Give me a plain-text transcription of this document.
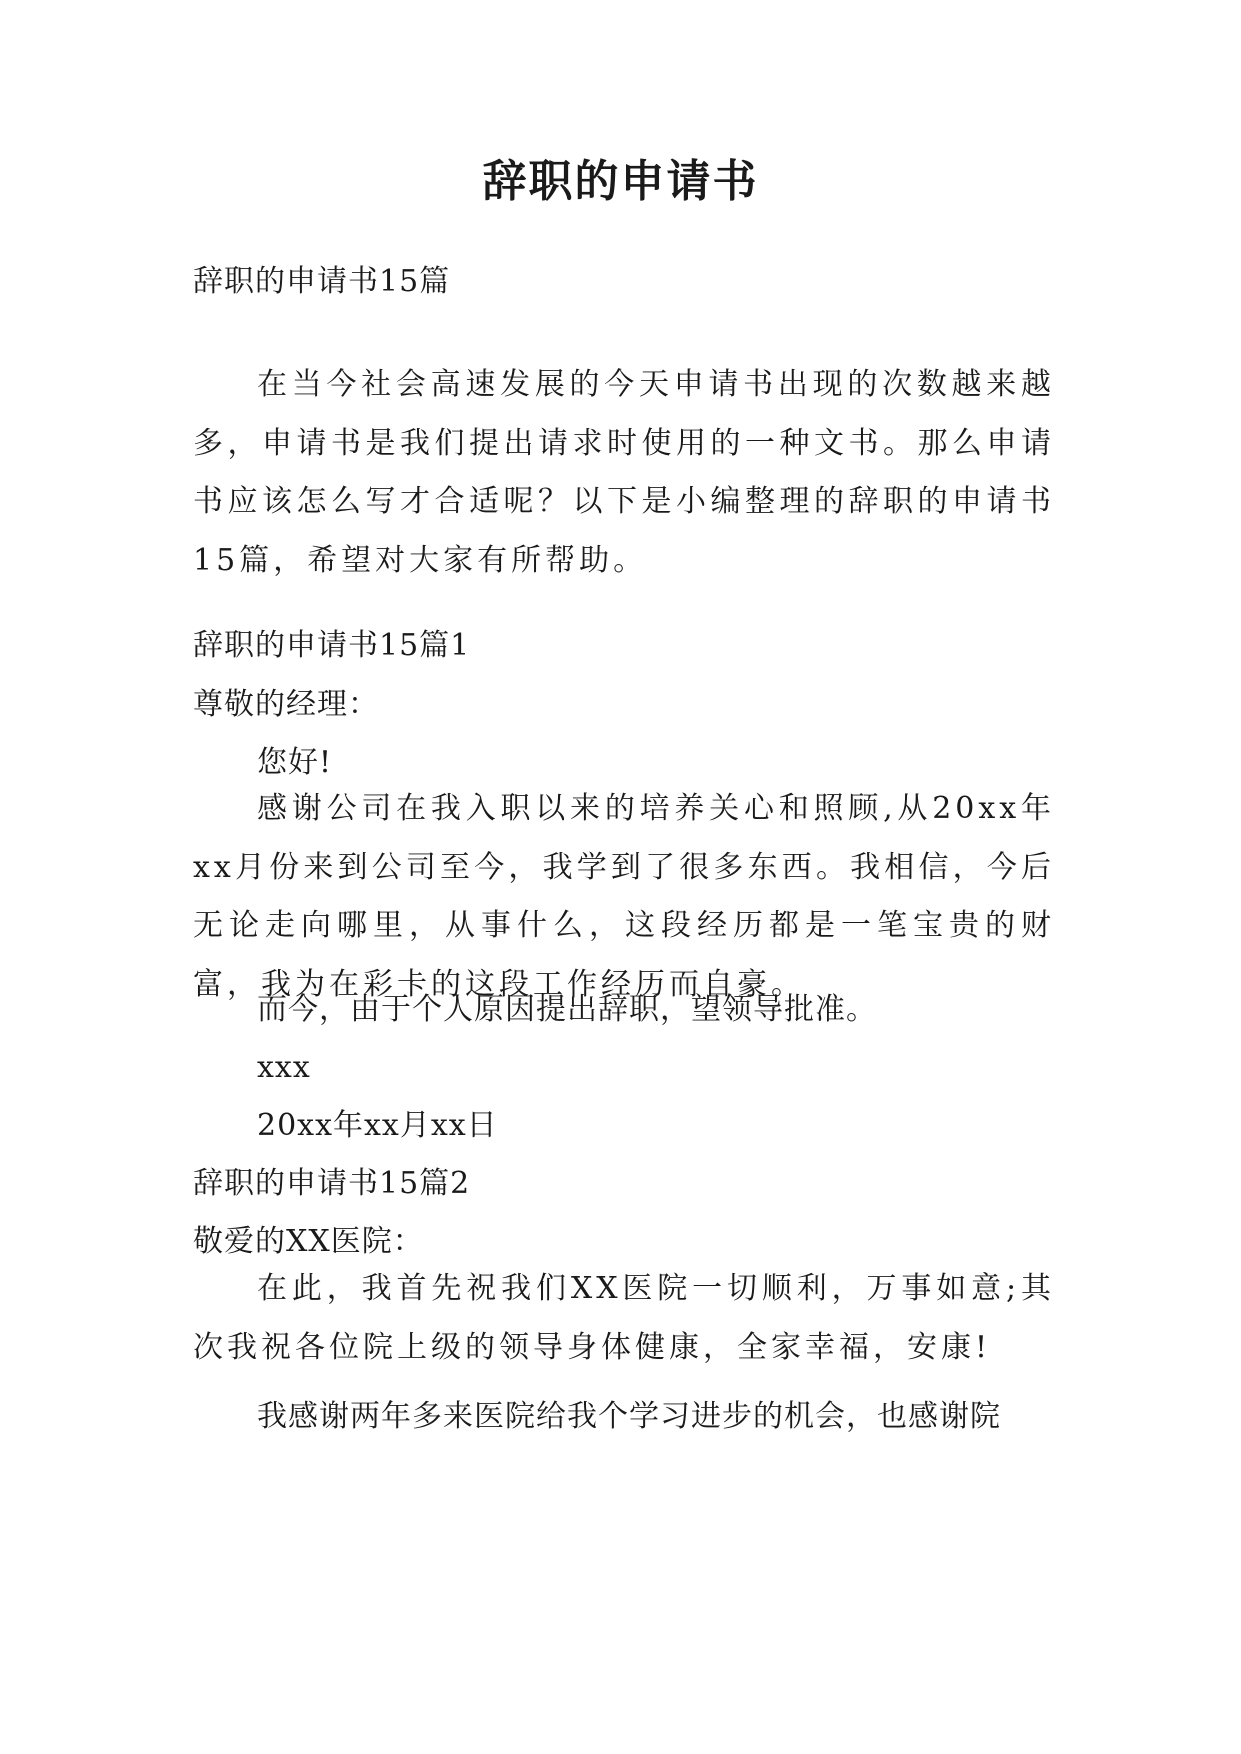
辞职的申请书
辞职的申请书15篇

在当今社会高速发展的今天申请书出现的次数越来越多，申请书是我们提出请求时使用的一种文书。那么申请书应该怎么写才合适呢？以下是小编整理的辞职的申请书15篇，希望对大家有所帮助。

辞职的申请书15篇1
尊敬的经理：
您好!

感谢公司在我入职以来的培养关心和照顾,从20xx年xx月份来到公司至今，我学到了很多东西。我相信，今后无论走向哪里，从事什么，这段经历都是一笔宝贵的财富，我为在彩卡的这段工作经历而自豪。

而今，由于个人原因提出辞职，望领导批准。
xxx
20xx年xx月xx日
辞职的申请书15篇2
敬爱的XX医院：

在此，我首先祝我们XX医院一切顺利，万事如意;其次我祝各位院上级的领导身体健康，全家幸福，安康!

我感谢两年多来医院给我个学习进步的机会，也感谢院
